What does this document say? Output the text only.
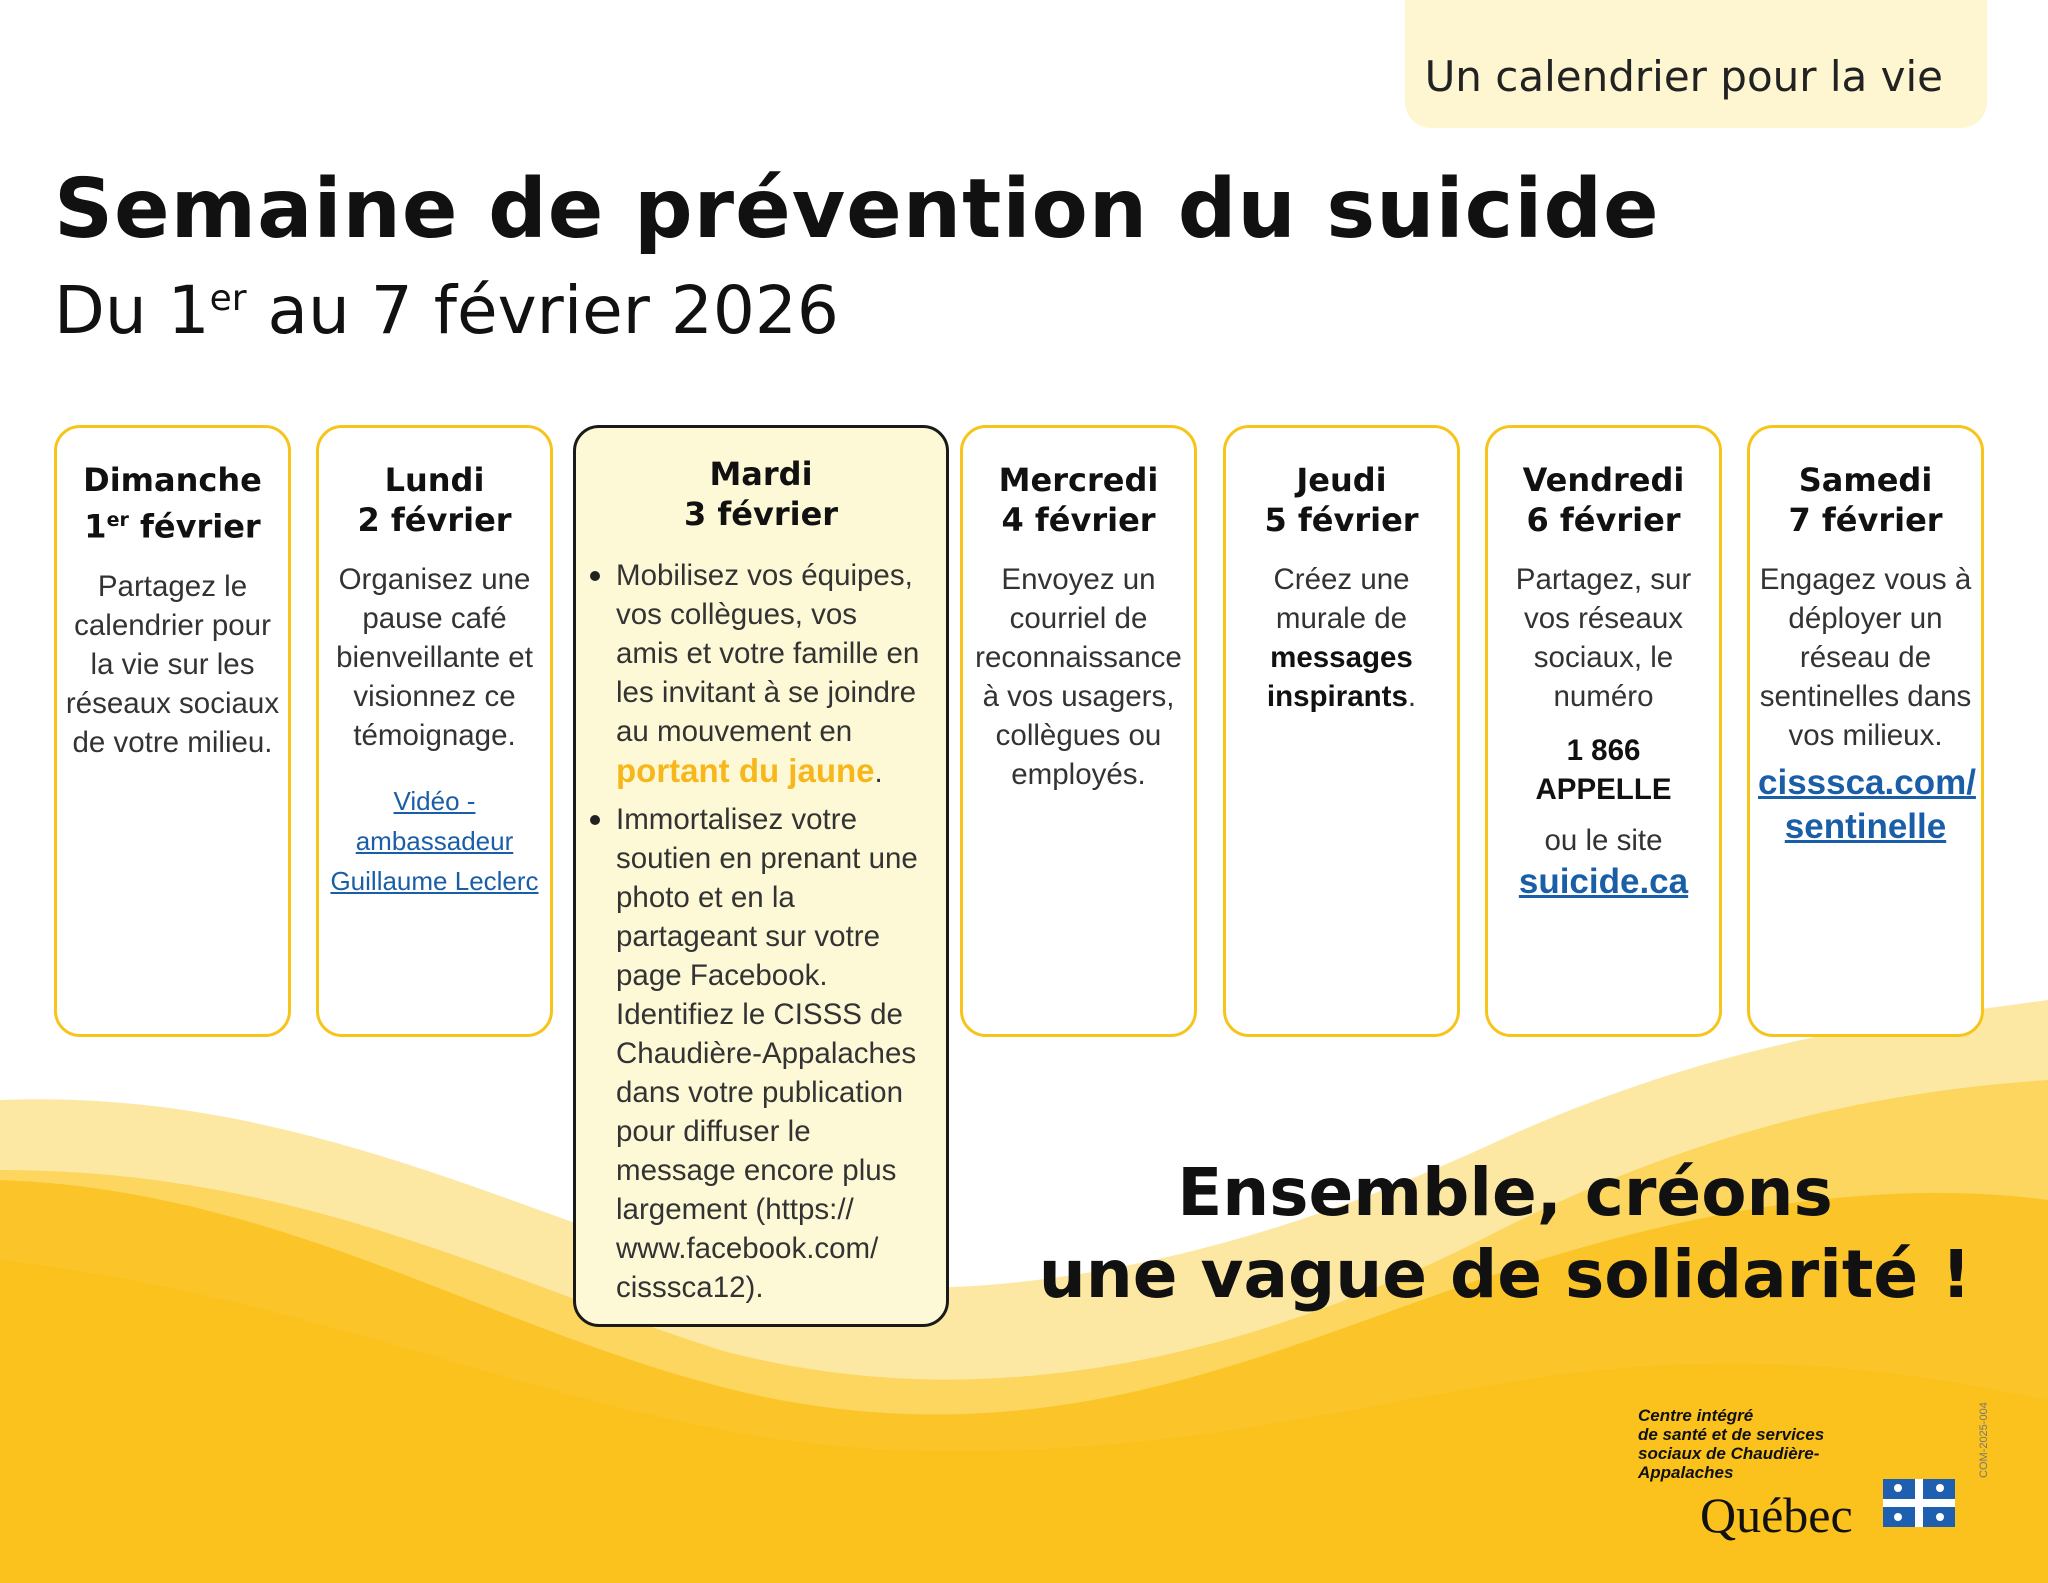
Un calendrier pour la vie
Semaine de prévention du suicide
Du 1er au 7 février 2026
Dimanche
1er février
Partagez le calendrier pour la vie sur les réseaux sociaux de votre milieu.
Lundi
2 février
Organisez une pause café bienveillante et visionnez ce témoignage.
Vidéo -
ambassadeur
Guillaume Leclerc
Mardi
3 février
Mobilisez vos équipes, vos collègues, vos amis et votre famille en les invitant à se joindre au mouvement en portant du jaune.
Immortalisez votre soutien en prenant une photo et en la partageant sur votre page Facebook. Identifiez le CISSS de Chaudière-Appalaches dans votre publication pour diffuser le message encore plus largement (https:// www.facebook.com/ cisssca12).
Mercredi
4 février
Envoyez un courriel de reconnaissance à vos usagers, collègues ou employés.
Jeudi
5 février
Créez une murale de messages inspirants.
Vendredi
6 février
Partagez, sur vos réseaux sociaux, le numéro
1 866 APPELLE
ou le site
suicide.ca
Samedi
7 février
Engagez vous à déployer un réseau de sentinelles dans vos milieux.
cisssca.com/
sentinelle
Ensemble, créons
une vague de solidarité !
Centre intégré
de santé et de services
sociaux de Chaudière-
Appalaches
Québec
COM-2025-004
